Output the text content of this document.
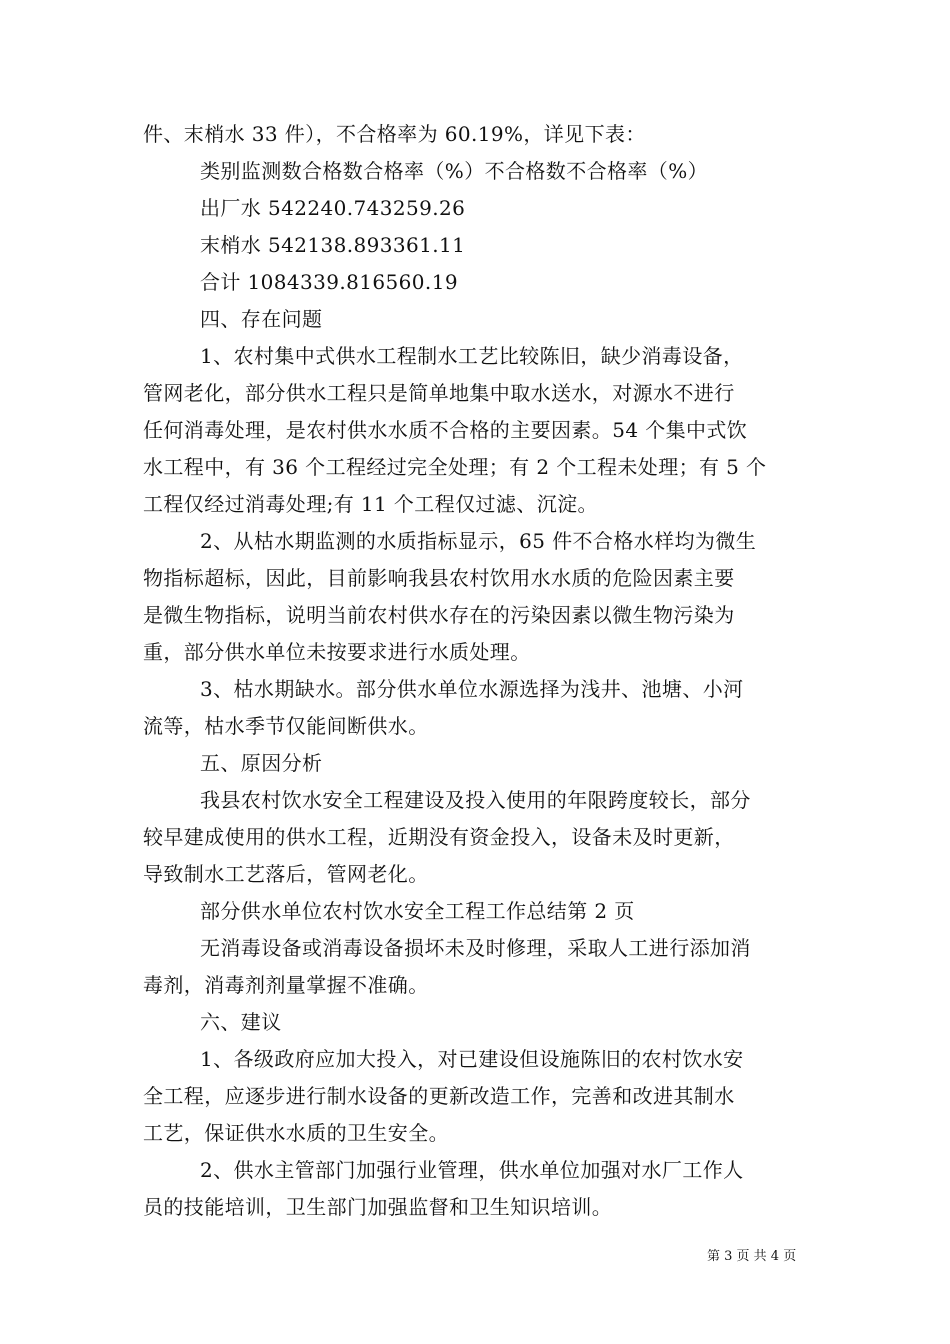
件、末梢水 33 件），不合格率为 60.19%，详见下表：
类别监测数合格数合格率（%）不合格数不合格率（%）
出厂水 542240.743259.26
末梢水 542138.893361.11
合计 1084339.816560.19
四、存在问题
1、农村集中式供水工程制水工艺比较陈旧，缺少消毒设备，
管网老化，部分供水工程只是简单地集中取水送水，对源水不进行
任何消毒处理，是农村供水水质不合格的主要因素。54 个集中式饮
水工程中，有 36 个工程经过完全处理；有 2 个工程未处理；有 5 个
工程仅经过消毒处理;有 11 个工程仅过滤、沉淀。
2、从枯水期监测的水质指标显示，65 件不合格水样均为微生
物指标超标，因此，目前影响我县农村饮用水水质的危险因素主要
是微生物指标，说明当前农村供水存在的污染因素以微生物污染为
重，部分供水单位未按要求进行水质处理。
3、枯水期缺水。部分供水单位水源选择为浅井、池塘、小河
流等，枯水季节仅能间断供水。
五、原因分析
我县农村饮水安全工程建设及投入使用的年限跨度较长，部分
较早建成使用的供水工程，近期没有资金投入，设备未及时更新，
导致制水工艺落后，管网老化。
部分供水单位农村饮水安全工程工作总结第 2 页
无消毒设备或消毒设备损坏未及时修理，采取人工进行添加消
毒剂，消毒剂剂量掌握不准确。
六、建议
1、各级政府应加大投入，对已建设但设施陈旧的农村饮水安
全工程，应逐步进行制水设备的更新改造工作，完善和改进其制水
工艺，保证供水水质的卫生安全。
2、供水主管部门加强行业管理，供水单位加强对水厂工作人
员的技能培训，卫生部门加强监督和卫生知识培训。
第 3 页 共 4 页
